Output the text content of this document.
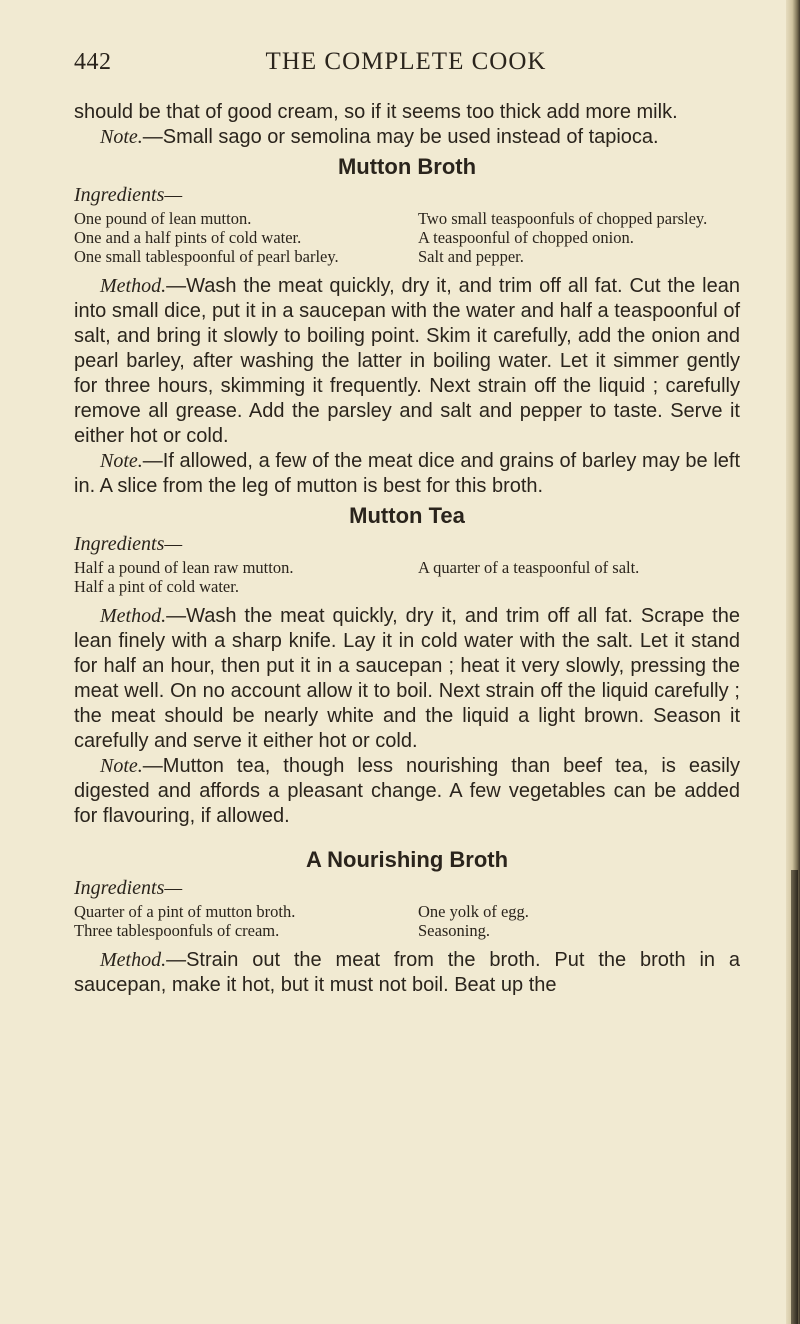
442	THE COMPLETE COOK

should be that of good cream, so if it seems too thick add more milk.

Note.—Small sago or semolina may be used instead of tapioca.

Mutton Broth
Ingredients—
One pound of lean mutton.
One and a half pints of cold water.
One small tablespoonful of pearl barley.
Two small teaspoonfuls of chopped parsley.
A teaspoonful of chopped onion.
Salt and pepper.

Method.—Wash the meat quickly, dry it, and trim off all fat. Cut the lean into small dice, put it in a saucepan with the water and half a teaspoonful of salt, and bring it slowly to boiling point. Skim it carefully, add the onion and pearl barley, after washing the latter in boiling water. Let it simmer gently for three hours, skimming it frequently. Next strain off the liquid ; carefully remove all grease. Add the parsley and salt and pepper to taste. Serve it either hot or cold.

Note.—If allowed, a few of the meat dice and grains of barley may be left in. A slice from the leg of mutton is best for this broth.

Mutton Tea
Ingredients—
Half a pound of lean raw mutton.
Half a pint of cold water.
A quarter of a teaspoonful of salt.

Method.—Wash the meat quickly, dry it, and trim off all fat. Scrape the lean finely with a sharp knife. Lay it in cold water with the salt. Let it stand for half an hour, then put it in a saucepan ; heat it very slowly, pressing the meat well. On no account allow it to boil. Next strain off the liquid carefully ; the meat should be nearly white and the liquid a light brown. Season it carefully and serve it either hot or cold.

Note.—Mutton tea, though less nourishing than beef tea, is easily digested and affords a pleasant change. A few vegetables can be added for flavouring, if allowed.

A Nourishing Broth
Ingredients—
Quarter of a pint of mutton broth.
Three tablespoonfuls of cream.
One yolk of egg.
Seasoning.

Method.—Strain out the meat from the broth. Put the broth in a saucepan, make it hot, but it must not boil. Beat up the
